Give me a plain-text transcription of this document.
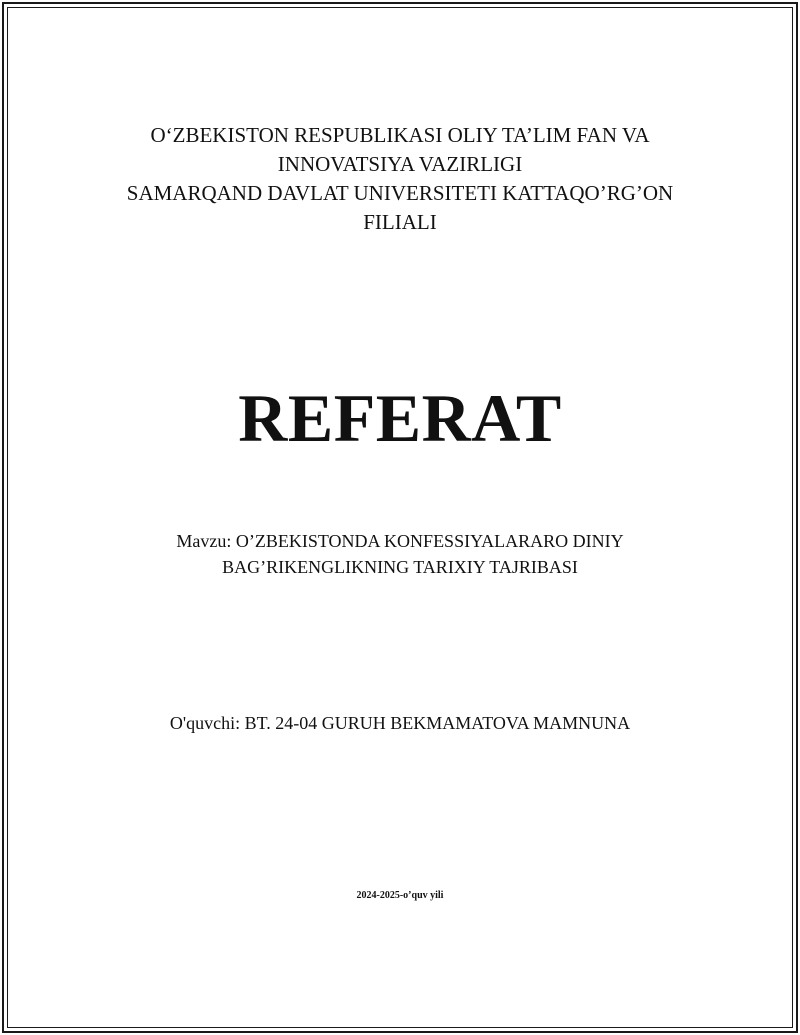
O‘ZBEKISTON RESPUBLIKASI OLIY TA’LIM FAN VA
INNOVATSIYA VAZIRLIGI
SAMARQAND DAVLAT UNIVERSITETI KATTAQO’RG’ON
FILIALI
REFERAT
Mavzu: O’ZBEKISTONDA KONFESSIYALARARO DINIY
BAG’RIKENGLIKNING TARIXIY TAJRIBASI
O'quvchi: BT. 24-04 GURUH BEKMAMATOVA MAMNUNA
2024-2025-o’quv yili
